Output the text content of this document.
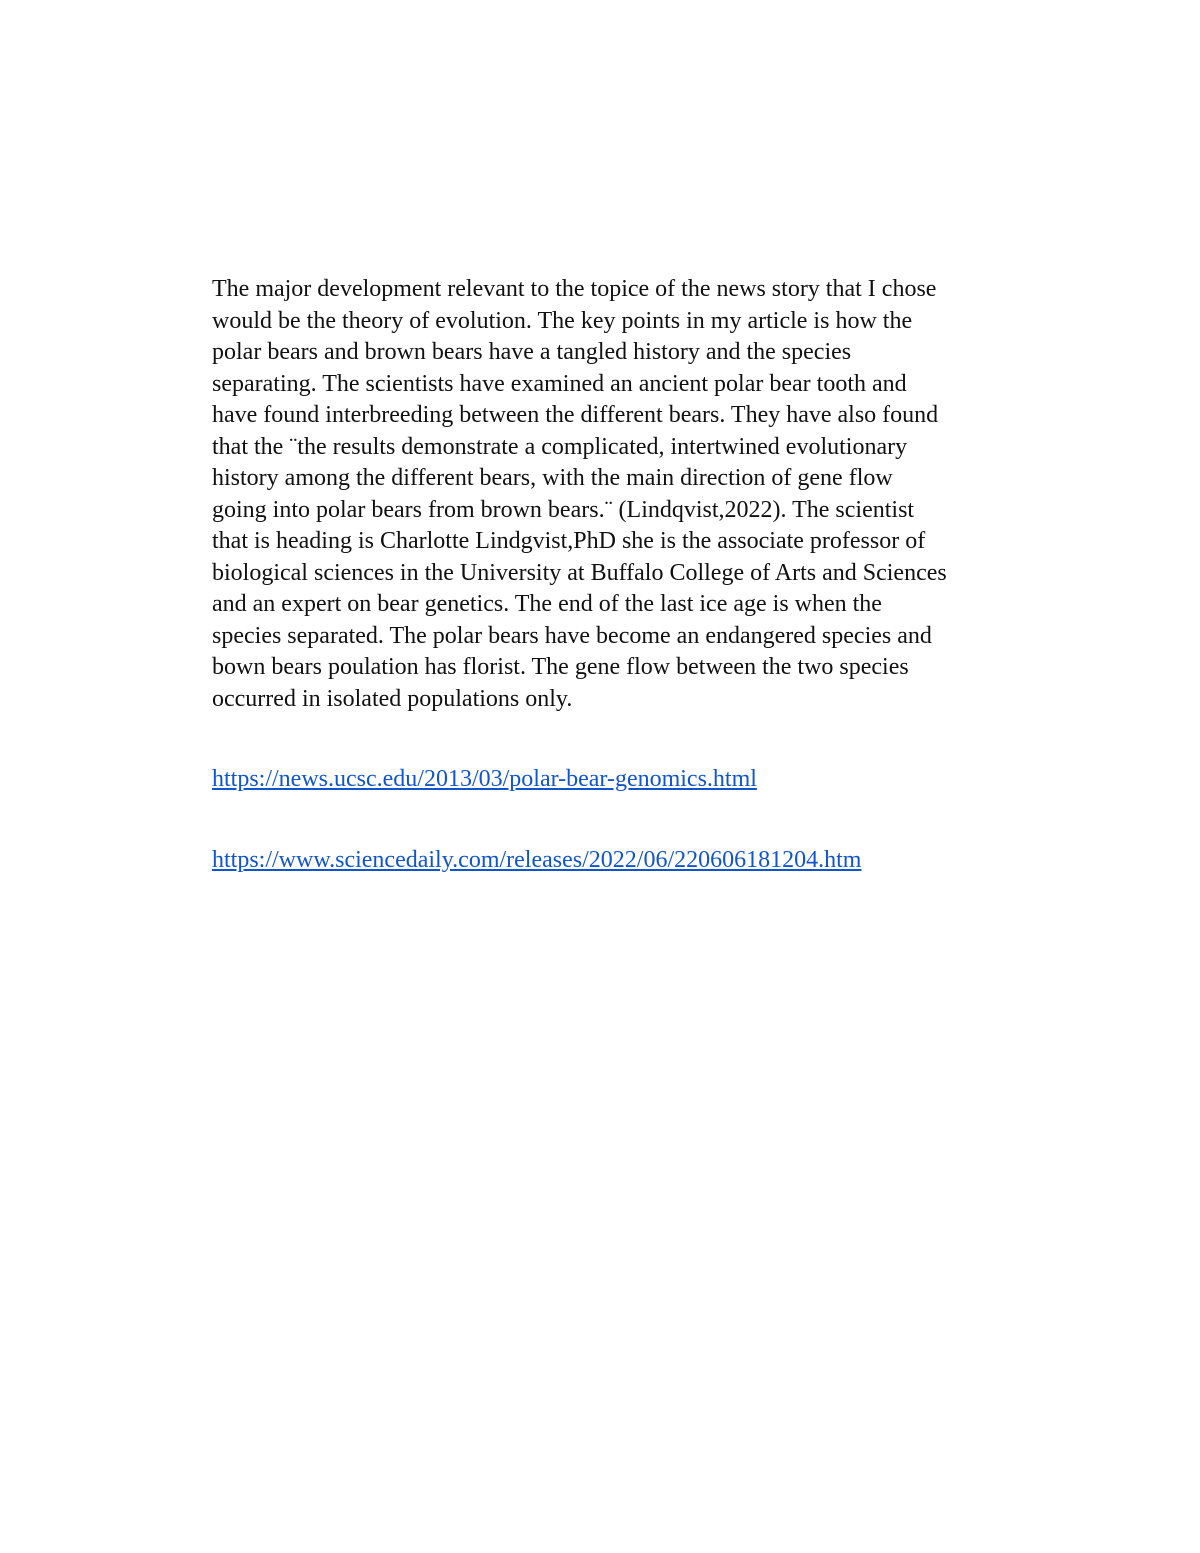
The major development relevant to the topice of the news story that I chose
would be the theory of evolution. The key points in my article is how the
polar bears and brown bears have a tangled history and the species
separating. The scientists have examined an ancient polar bear tooth and
have found interbreeding between the different bears. They have also found
that the ¨the results demonstrate a complicated, intertwined evolutionary
history among the different bears, with the main direction of gene flow
going into polar bears from brown bears.¨ (Lindqvist,2022). The scientist
that is heading is Charlotte Lindgvist,PhD she is the associate professor of
biological sciences in the University at Buffalo College of Arts and Sciences
and an expert on bear genetics. The end of the last ice age is when the
species separated. The polar bears have become an endangered species and
bown bears poulation has florist. The gene flow between the two species
occurred in isolated populations only.

https://news.ucsc.edu/2013/03/polar-bear-genomics.html
https://www.sciencedaily.com/releases/2022/06/220606181204.htm
